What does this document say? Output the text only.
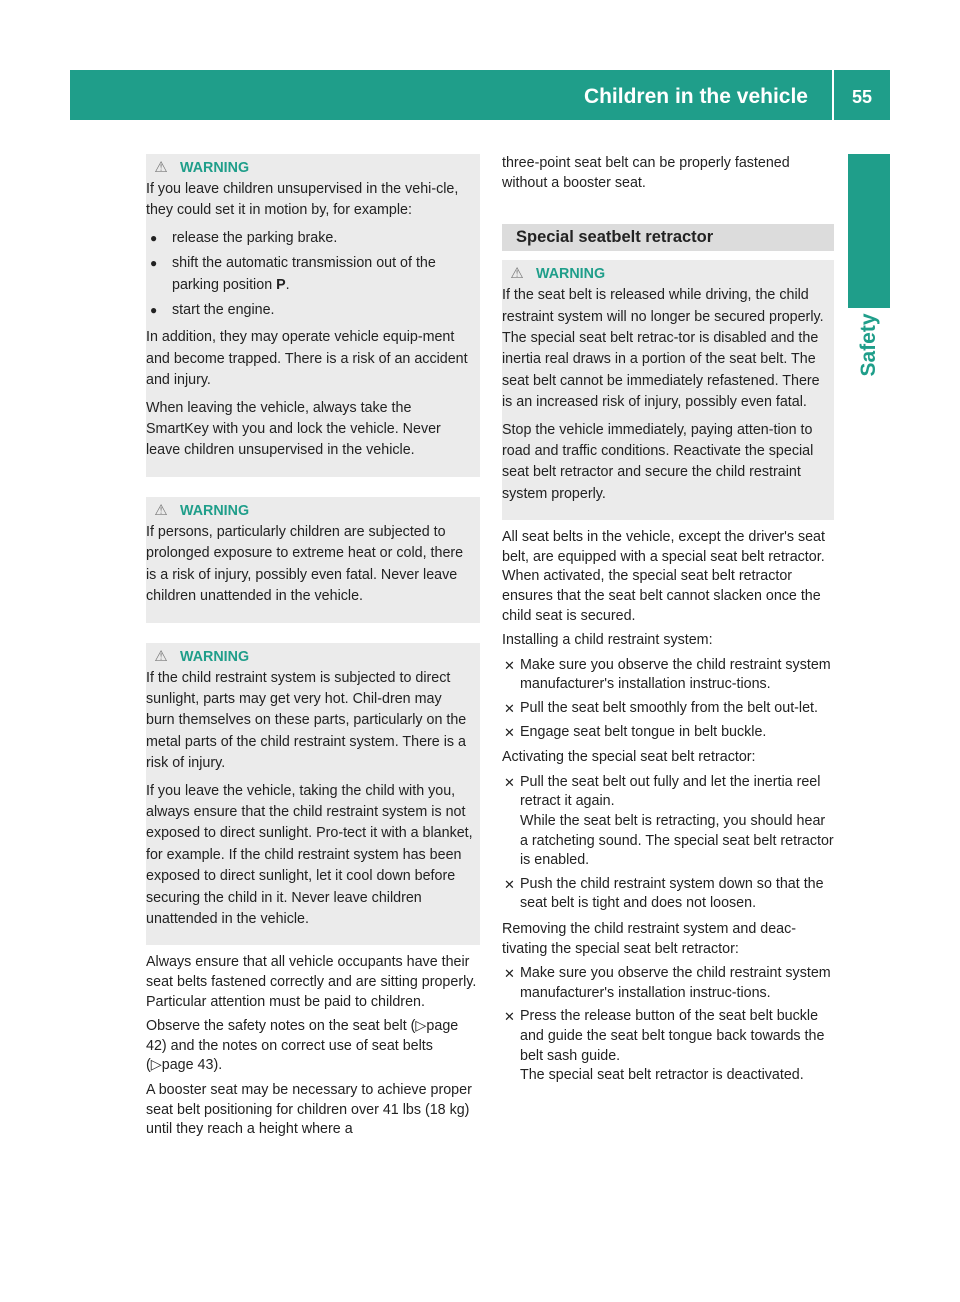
Children in the vehicle	55
Safety
⚠ WARNING

If you leave children unsupervised in the vehi-cle, they could set it in motion by, for example:

● release the parking brake.
● shift the automatic transmission out of the parking position P.
● start the engine.

In addition, they may operate vehicle equip-ment and become trapped. There is a risk of an accident and injury.

When leaving the vehicle, always take the SmartKey with you and lock the vehicle. Never leave children unsupervised in the vehicle.

⚠ WARNING

If persons, particularly children are subjected to prolonged exposure to extreme heat or cold, there is a risk of injury, possibly even fatal. Never leave children unattended in the vehicle.

⚠ WARNING

If the child restraint system is subjected to direct sunlight, parts may get very hot. Chil-dren may burn themselves on these parts, particularly on the metal parts of the child restraint system. There is a risk of injury.

If you leave the vehicle, taking the child with you, always ensure that the child restraint system is not exposed to direct sunlight. Pro-tect it with a blanket, for example. If the child restraint system has been exposed to direct sunlight, let it cool down before securing the child in it. Never leave children unattended in the vehicle.

Always ensure that all vehicle occupants have their seat belts fastened correctly and are sitting properly. Particular attention must be paid to children.

Observe the safety notes on the seat belt (▷page 42) and the notes on correct use of seat belts (▷page 43).

A booster seat may be necessary to achieve proper seat belt positioning for children over 41 lbs (18 kg) until they reach a height where a

three-point seat belt can be properly fastened without a booster seat.

Special seatbelt retractor
⚠ WARNING

If the seat belt is released while driving, the child restraint system will no longer be secured properly. The special seat belt retrac-tor is disabled and the inertia real draws in a portion of the seat belt. The seat belt cannot be immediately refastened. There is an increased risk of injury, possibly even fatal.

Stop the vehicle immediately, paying atten-tion to road and traffic conditions. Reactivate the special seat belt retractor and secure the child restraint system properly.

All seat belts in the vehicle, except the driver's seat belt, are equipped with a special seat belt retractor. When activated, the special seat belt retractor ensures that the seat belt cannot slacken once the child seat is secured.

Installing a child restraint system:

✕ Make sure you observe the child restraint system manufacturer's installation instruc-tions.
✕ Pull the seat belt smoothly from the belt out-let.
✕ Engage seat belt tongue in belt buckle.

Activating the special seat belt retractor:

✕ Pull the seat belt out fully and let the inertia reel retract it again.
While the seat belt is retracting, you should hear a ratcheting sound. The special seat belt retractor is enabled.
✕ Push the child restraint system down so that the seat belt is tight and does not loosen.

Removing the child restraint system and deac-tivating the special seat belt retractor:

✕ Make sure you observe the child restraint system manufacturer's installation instruc-tions.
✕ Press the release button of the seat belt buckle and guide the seat belt tongue back towards the belt sash guide.
The special seat belt retractor is deactivated.
